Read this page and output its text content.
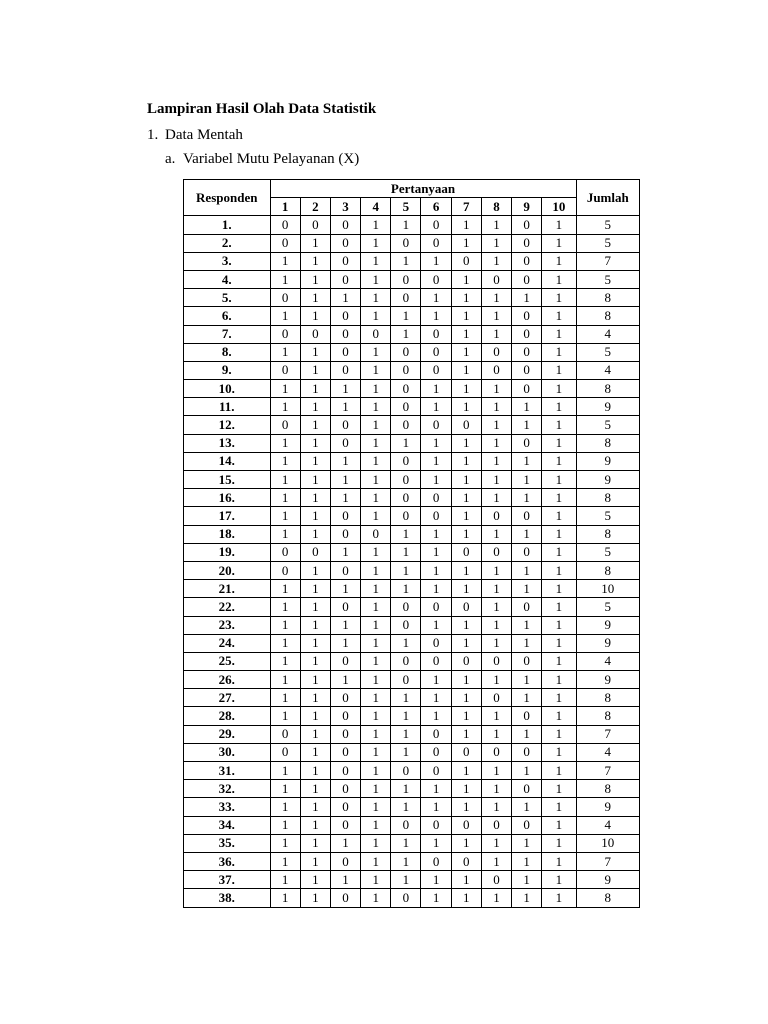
Lampiran Hasil Olah Data Statistik
1. Data Mentah
a. Variabel Mutu Pelayanan (X)
Responden	Pertanyaan										Jumlah
	1	2	3	4	5	6	7	8	9	10	
1.	0	0	0	1	1	0	1	1	0	1	5
2.	0	1	0	1	0	0	1	1	0	1	5
3.	1	1	0	1	1	1	0	1	0	1	7
4.	1	1	0	1	0	0	1	0	0	1	5
5.	0	1	1	1	0	1	1	1	1	1	8
6.	1	1	0	1	1	1	1	1	0	1	8
7.	0	0	0	0	1	0	1	1	0	1	4
8.	1	1	0	1	0	0	1	0	0	1	5
9.	0	1	0	1	0	0	1	0	0	1	4
10.	1	1	1	1	0	1	1	1	0	1	8
11.	1	1	1	1	0	1	1	1	1	1	9
12.	0	1	0	1	0	0	0	1	1	1	5
13.	1	1	0	1	1	1	1	1	0	1	8
14.	1	1	1	1	0	1	1	1	1	1	9
15.	1	1	1	1	0	1	1	1	1	1	9
16.	1	1	1	1	0	0	1	1	1	1	8
17.	1	1	0	1	0	0	1	0	0	1	5
18.	1	1	0	0	1	1	1	1	1	1	8
19.	0	0	1	1	1	1	0	0	0	1	5
20.	0	1	0	1	1	1	1	1	1	1	8
21.	1	1	1	1	1	1	1	1	1	1	10
22.	1	1	0	1	0	0	0	1	0	1	5
23.	1	1	1	1	0	1	1	1	1	1	9
24.	1	1	1	1	1	0	1	1	1	1	9
25.	1	1	0	1	0	0	0	0	0	1	4
26.	1	1	1	1	0	1	1	1	1	1	9
27.	1	1	0	1	1	1	1	0	1	1	8
28.	1	1	0	1	1	1	1	1	0	1	8
29.	0	1	0	1	1	0	1	1	1	1	7
30.	0	1	0	1	1	0	0	0	0	1	4
31.	1	1	0	1	0	0	1	1	1	1	7
32.	1	1	0	1	1	1	1	1	0	1	8
33.	1	1	0	1	1	1	1	1	1	1	9
34.	1	1	0	1	0	0	0	0	0	1	4
35.	1	1	1	1	1	1	1	1	1	1	10
36.	1	1	0	1	1	0	0	1	1	1	7
37.	1	1	1	1	1	1	1	0	1	1	9
38.	1	1	0	1	0	1	1	1	1	1	8
